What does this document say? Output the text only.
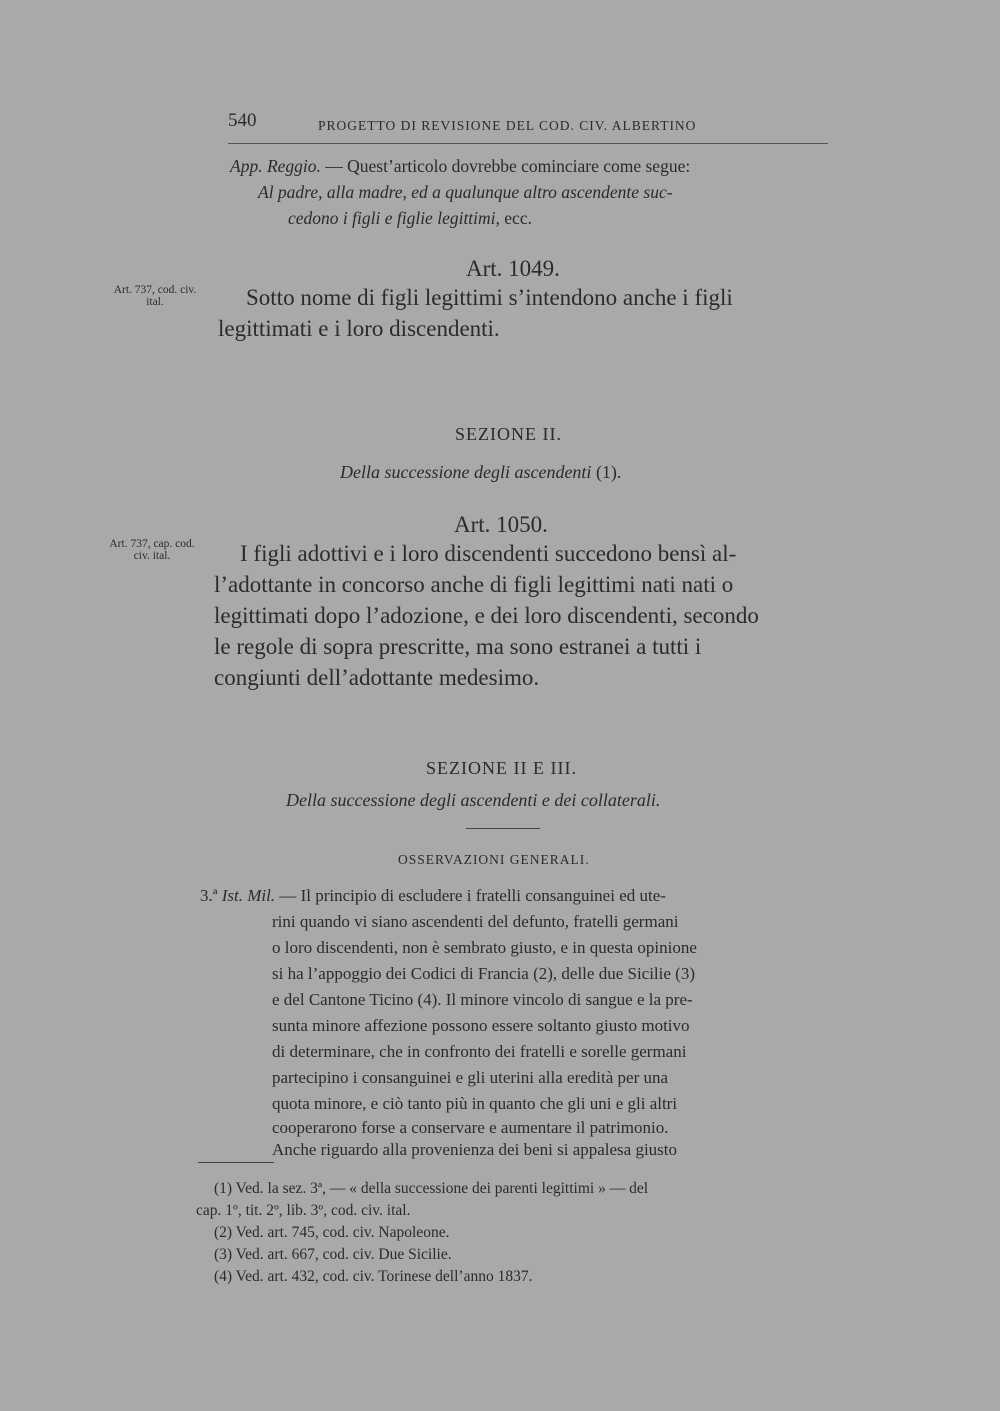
540	PROGETTO DI REVISIONE DEL COD. CIV. ALBERTINO
App. Reggio. — Quest’articolo dovrebbe cominciare come segue:
Al padre, alla madre, ed a qualunque altro ascendente suc-
cedono i figli e figlie legittimi, ecc.
Art. 1049.
Art. 737, cod. civ.
ital.	Sotto nome di figli legittimi s’intendono anche i figli
legittimati e i loro discendenti.
SEZIONE II.
Della successione degli ascendenti (1).
Art. 1050.
Art. 737, cap. cod.
civ. ital.	I figli adottivi e i loro discendenti succedono bensì al-
l’adottante in concorso anche di figli legittimi nati nati o
legittimati dopo l’adozione, e dei loro discendenti, secondo
le regole di sopra prescritte, ma sono estranei a tutti i
congiunti dell’adottante medesimo.
SEZIONE II E III.
Della successione degli ascendenti e dei collaterali.
OSSERVAZIONI GENERALI.
3.ª Ist. Mil. — Il principio di escludere i fratelli consanguinei ed ute-
rini quando vi siano ascendenti del defunto, fratelli germani
o loro discendenti, non è sembrato giusto, e in questa opinione
si ha l’appoggio dei Codici di Francia (2), delle due Sicilie (3)
e del Cantone Ticino (4). Il minore vincolo di sangue e la pre-
sunta minore affezione possono essere soltanto giusto motivo
di determinare, che in confronto dei fratelli e sorelle germani
partecipino i consanguinei e gli uterini alla eredità per una
quota minore, e ciò tanto più in quanto che gli uni e gli altri
cooperarono forse a conservare e aumentare il patrimonio.
Anche riguardo alla provenienza dei beni si appalesa giusto
(1) Ved. la sez. 3ª, — « della successione dei parenti legittimi » — del
cap. 1º, tit. 2º, lib. 3º, cod. civ. ital.
(2) Ved. art. 745, cod. civ. Napoleone.
(3) Ved. art. 667, cod. civ. Due Sicilie.
(4) Ved. art. 432, cod. civ. Torinese dell’anno 1837.
